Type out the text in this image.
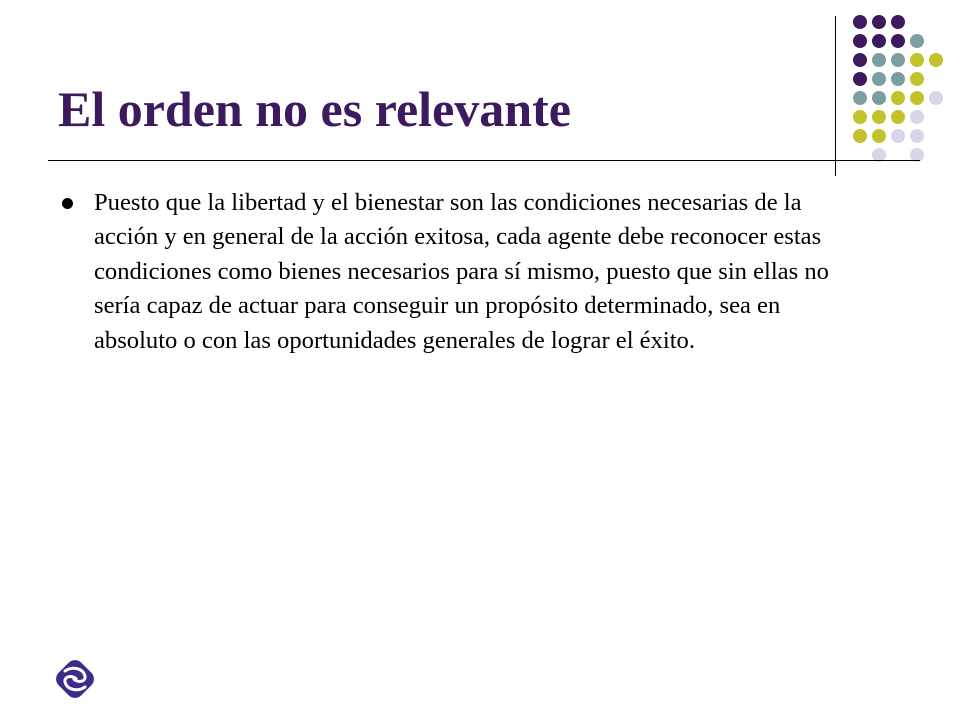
El orden no es relevante
Puesto que la libertad y el bienestar son las condiciones necesarias de la acción y en general de la acción exitosa, cada agente debe reconocer estas condiciones como bienes necesarios para sí mismo, puesto que sin ellas no sería capaz de actuar para conseguir un propósito determinado, sea en absoluto o con las oportunidades generales de lograr el éxito.
